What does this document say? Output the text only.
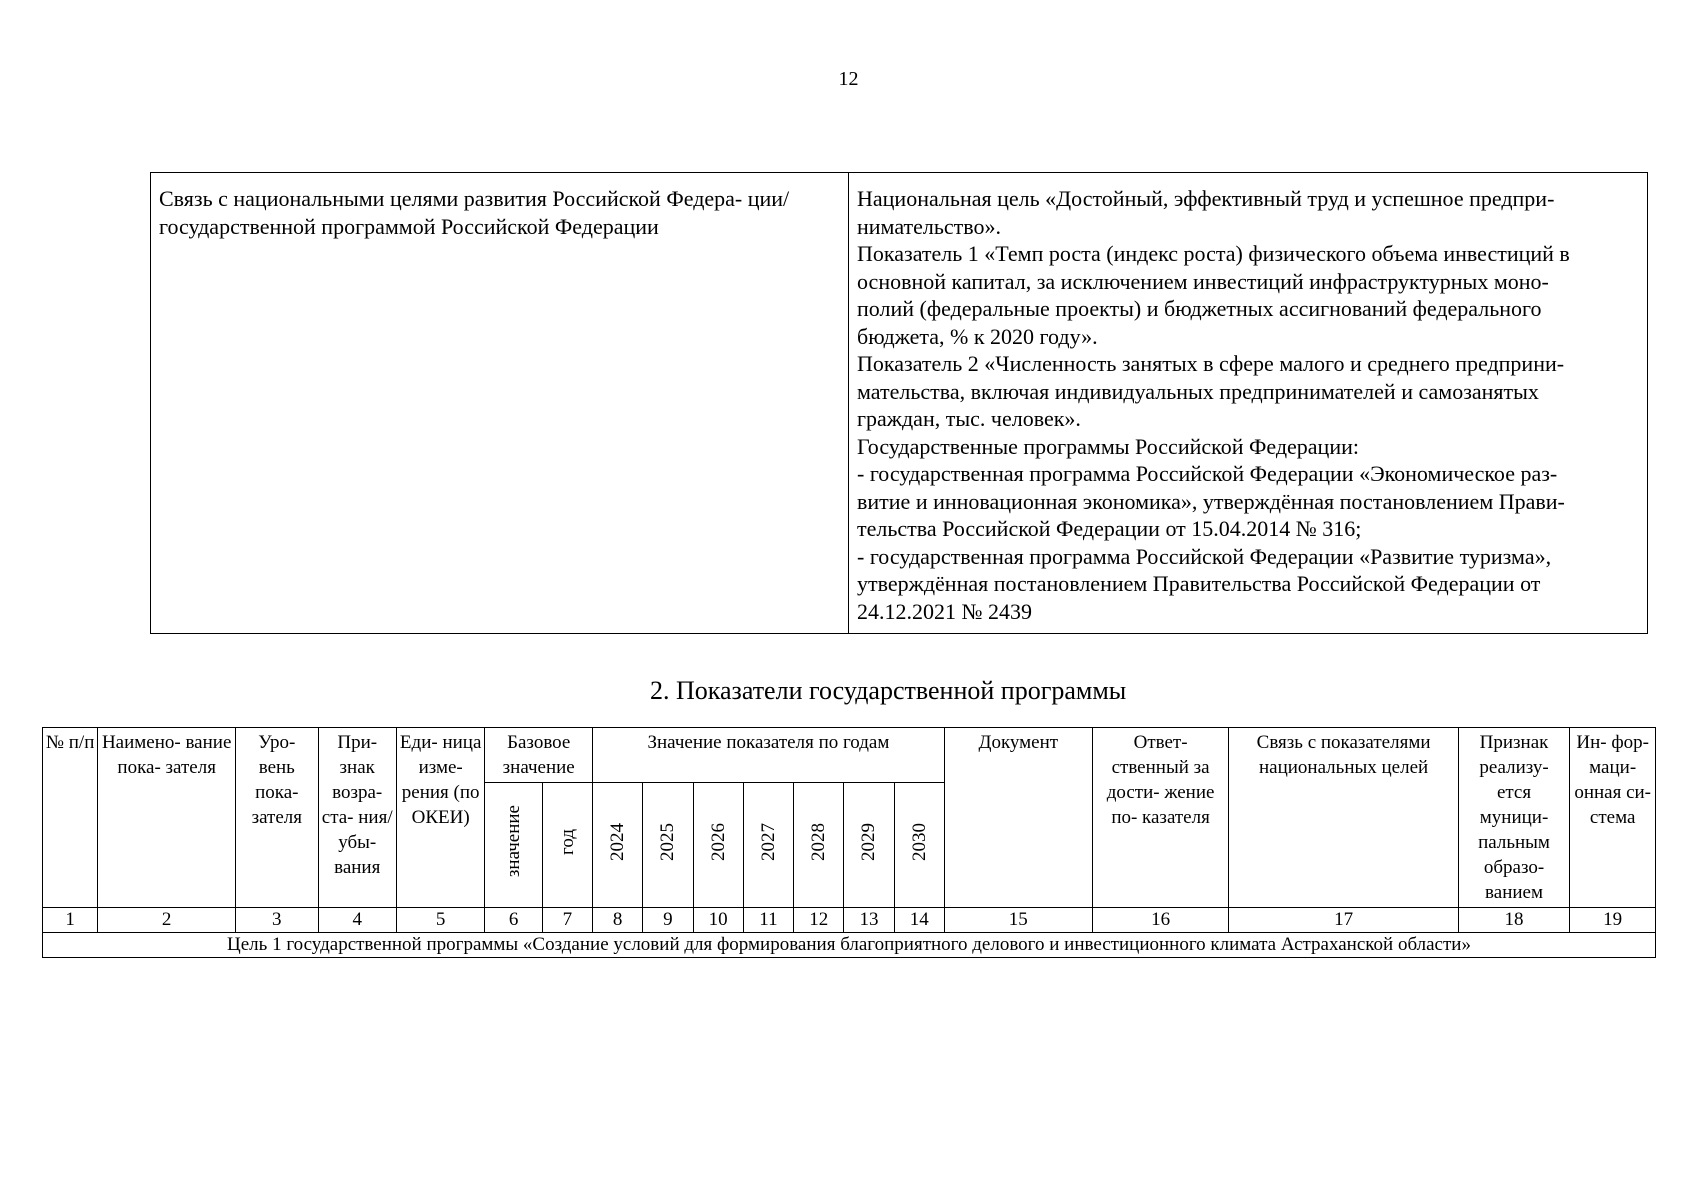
12
Связь с национальными целями развития Российской Федера- ции/ государственной программой Российской Федерации	
Национальная цель «Достойный, эффективный труд и успешное предпри-
нимательство».
Показатель 1 «Темп роста (индекс роста) физического объема инвестиций в
основной капитал, за исключением инвестиций инфраструктурных моно-
полий (федеральные проекты) и бюджетных ассигнований федерального
бюджета, % к 2020 году».
Показатель 2 «Численность занятых в сфере малого и среднего предприни-
мательства, включая индивидуальных предпринимателей и самозанятых
граждан, тыс. человек».
Государственные программы Российской Федерации:
- государственная программа Российской Федерации «Экономическое раз-
витие и инновационная экономика», утверждённая постановлением Прави-
тельства Российской Федерации от 15.04.2014 № 316;
- государственная программа Российской Федерации «Развитие туризма»,
утверждённая постановлением Правительства Российской Федерации от
24.12.2021 № 2439
2. Показатели государственной программы
№ п/п	Наимено- вание пока- зателя	Уро- вень пока- зателя	При- знак возра- ста- ния/ убы- вания	Еди- ница изме- рения (по ОКЕИ)	Базовое значение		Значение показателя по годам							Документ	Ответ- ственный за дости- жение по- казателя	Связь с показателями национальных целей	Признак реализу- ется муници- пальным образо- ванием	Ин- фор- маци- онная си- стема
					значение	год	2024	2025	2026	2027	2028	2029	2030					
1	2	3	4	5	6	7	8	9	10	11	12	13	14	15	16	17	18	19
Цель 1 государственной программы «Создание условий для формирования благоприятного делового и инвестиционного климата Астраханской области»																		
